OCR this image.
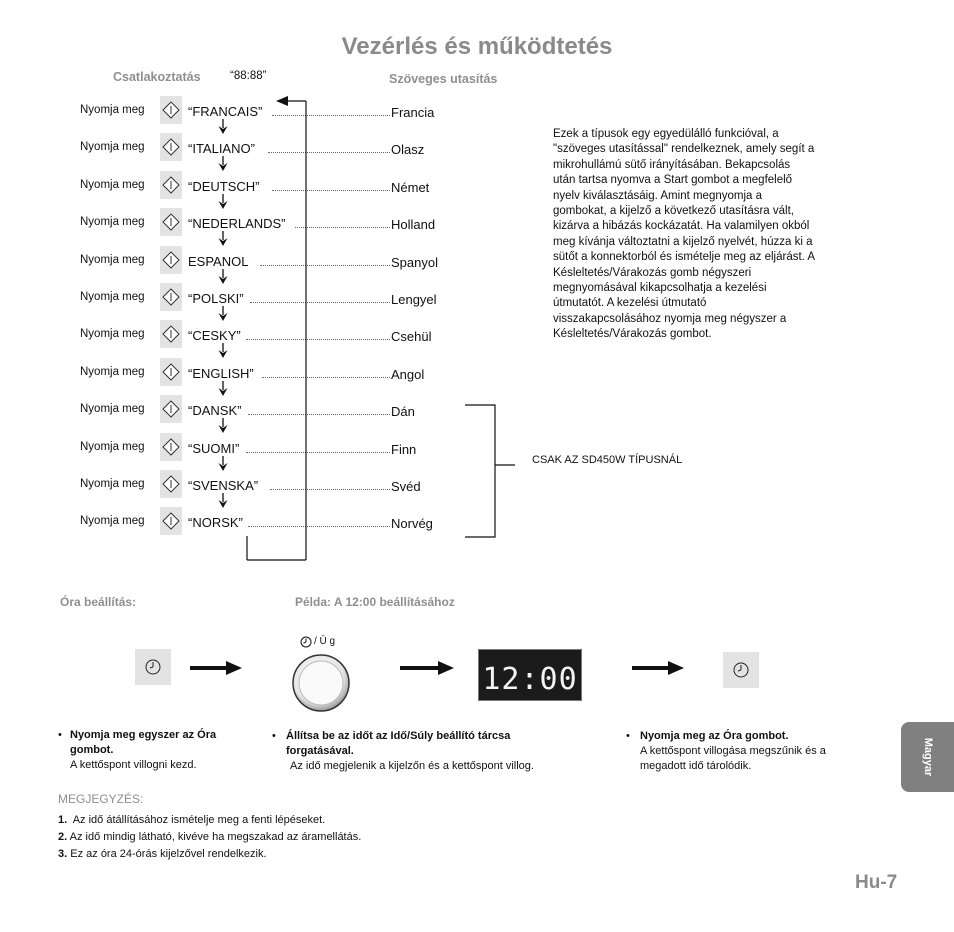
Vezérlés és működtetés
Csatlakoztatás	“88:88”	Szöveges utasítás
Nyomja meg	“FRANCAIS”	Francia
Nyomja meg	“ITALIANO”	Olasz
Nyomja meg	“DEUTSCH”	Német
Nyomja meg	“NEDERLANDS”	Holland
Nyomja meg	ESPANOL	Spanyol
Nyomja meg	“POLSKI”	Lengyel
Nyomja meg	“CESKY”	Csehül
Nyomja meg	“ENGLISH”	Angol
Nyomja meg	“DANSK”	Dán
Nyomja meg	“SUOMI”	Finn
Nyomja meg	“SVENSKA”	Svéd
Nyomja meg	“NORSK”	Norvég
CSAK AZ SD450W TÍPUSNÁL
Ezek a típusok egy egyedülálló funkcióval, a "szöveges utasítással" rendelkeznek, amely segít a mikrohullámú sütő irányításában. Bekapcsolás után tartsa nyomva a Start gombot a megfelelő nyelv kiválasztásáig. Amint megnyomja a gombokat, a kijelző a következő utasításra vált, kizárva a hibázás kockázatát. Ha valamilyen okból meg kívánja változtatni a kijelző nyelvét, húzza ki a sütőt a konnektorból és ismételje meg az eljárást. A Késleltetés/Várakozás gomb négyszeri megnyomásával kikapcsolhatja a kezelési útmutatót. A kezelési útmutató visszakapcsolásához nyomja meg négyszer a Késleltetés/Várakozás gombot.
Óra beállítás:	Példa: A 12:00 beállításához
/ Ū g
12:00
• Nyomja meg egyszer az Óra gombot.
A kettőspont villogni kezd.
• Állítsa be az időt az Idő/Súly beállító tárcsa forgatásával.
Az idő megjelenik a kijelzőn és a kettőspont villog.
• Nyomja meg az Óra gombot.
A kettőspont villogása megszűnik és a megadott idő tárolódik.
MEGJEGYZÉS:
1. Az idő átállításához ismételje meg a fenti lépéseket.
2. Az idő mindig látható, kivéve ha megszakad az áramellátás.
3. Ez az óra 24-órás kijelzővel rendelkezik.
Magyar
Hu-7
